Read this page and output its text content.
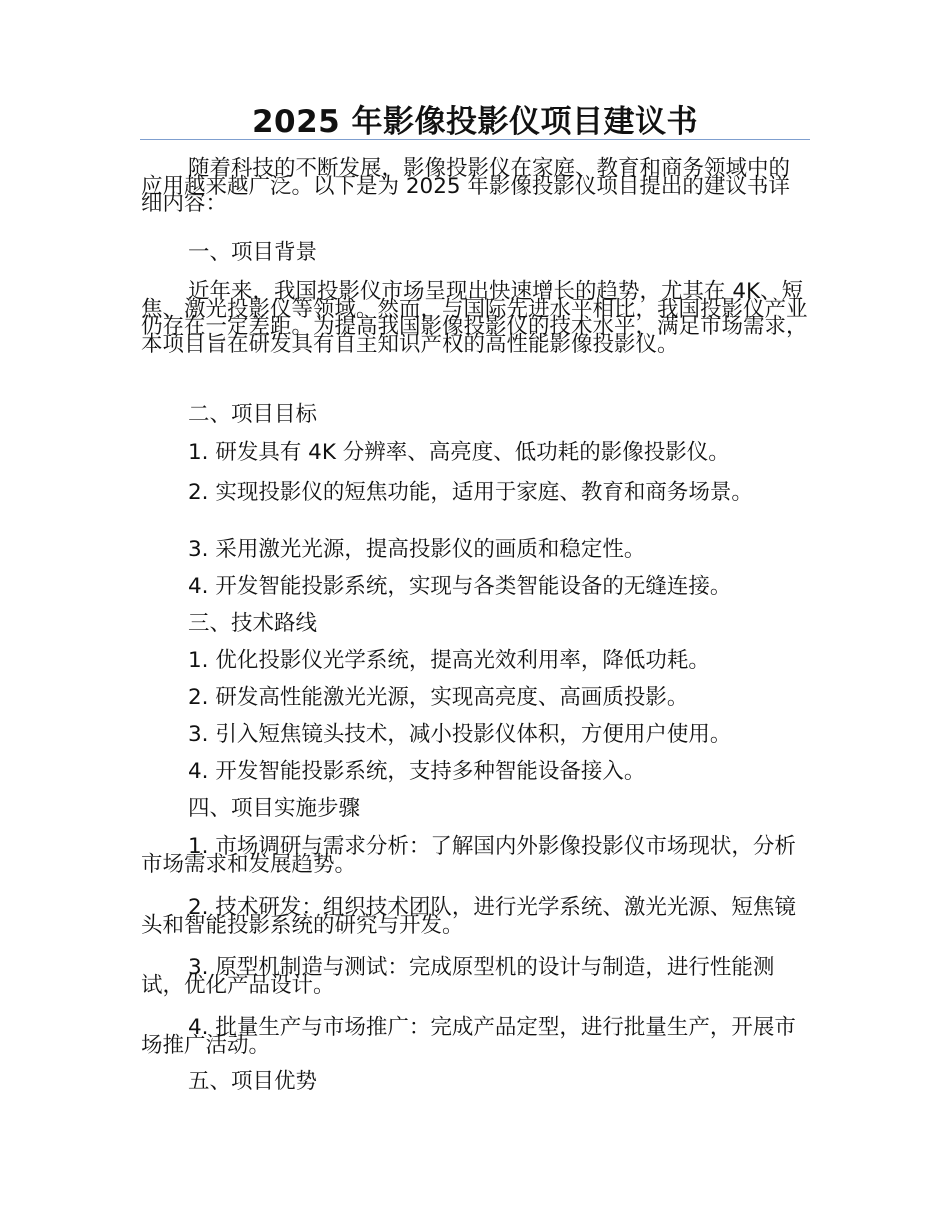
2025 年影像投影仪项目建议书

随着科技的不断发展，影像投影仪在家庭、教育和商务领域中的应用越来越广泛。以下是为 2025 年影像投影仪项目提出的建议书详细内容：

一、项目背景

近年来，我国投影仪市场呈现出快速增长的趋势，尤其在 4K、短焦、激光投影仪等领域。然而，与国际先进水平相比，我国投影仪产业仍存在一定差距。为提高我国影像投影仪的技术水平，满足市场需求，本项目旨在研发具有自主知识产权的高性能影像投影仪。

二、项目目标

1. 研发具有 4K 分辨率、高亮度、低功耗的影像投影仪。

2. 实现投影仪的短焦功能，适用于家庭、教育和商务场景。

3. 采用激光光源，提高投影仪的画质和稳定性。

4. 开发智能投影系统，实现与各类智能设备的无缝连接。

三、技术路线

1. 优化投影仪光学系统，提高光效利用率，降低功耗。

2. 研发高性能激光光源，实现高亮度、高画质投影。

3. 引入短焦镜头技术，减小投影仪体积，方便用户使用。

4. 开发智能投影系统，支持多种智能设备接入。

四、项目实施步骤

1. 市场调研与需求分析：了解国内外影像投影仪市场现状，分析市场需求和发展趋势。

2. 技术研发：组织技术团队，进行光学系统、激光光源、短焦镜头和智能投影系统的研究与开发。

3. 原型机制造与测试：完成原型机的设计与制造，进行性能测试，优化产品设计。

4. 批量生产与市场推广：完成产品定型，进行批量生产，开展市场推广活动。

五、项目优势
